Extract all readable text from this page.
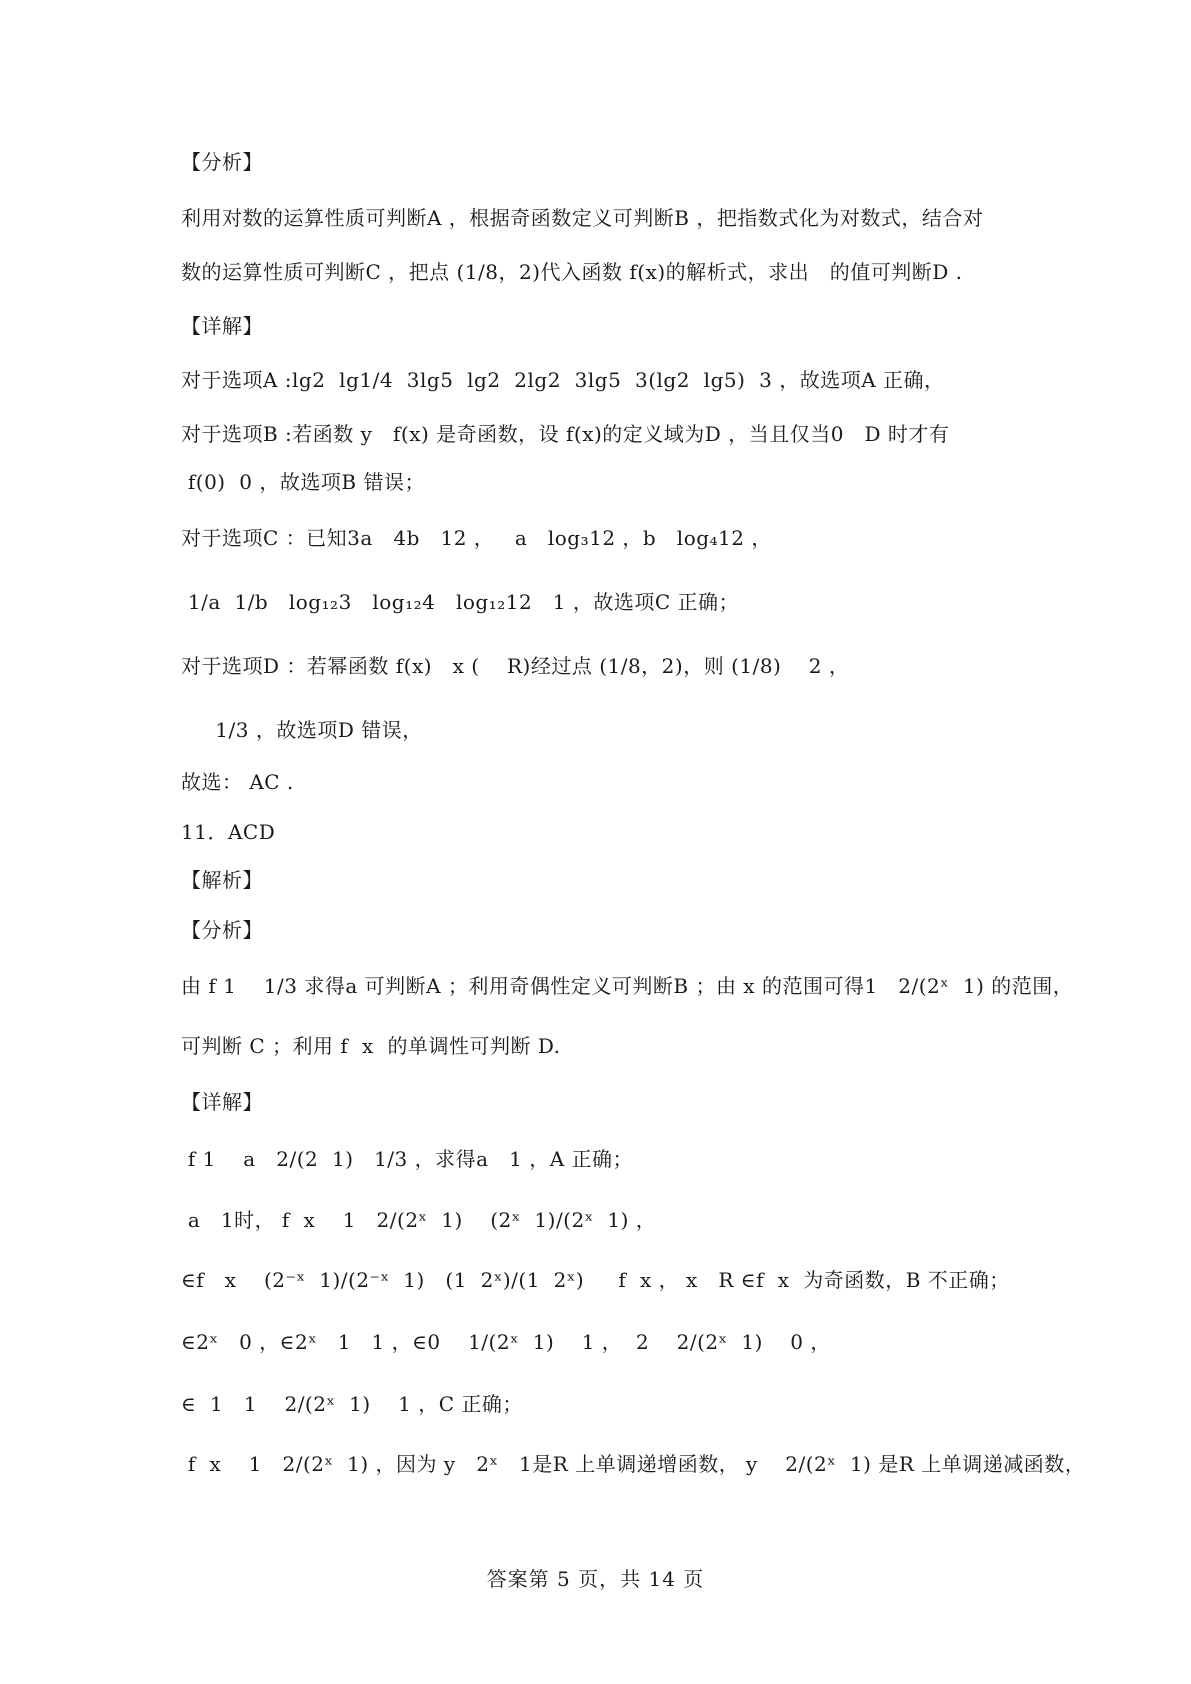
【分析】
利用对数的运算性质可判断A ，根据奇函数定义可判断B ，把指数式化为对数式，结合对
数的运算性质可判断C ，把点 (1/8，2)代入函数 f(x)的解析式，求出   的值可判断D .
【详解】
对于选项A :lg2  lg1/4  3lg5  lg2  2lg2  3lg5  3(lg2  lg5)  3 ，故选项A 正确，
对于选项B :若函数 y   f(x) 是奇函数，设 f(x)的定义域为D ，当且仅当0   D 时才有
f(0)  0 ，故选项B 错误；
对于选项C ：已知3a   4b   12 ，   a   log₃12 ，b   log₄12 ，
1/a  1/b   log₁₂3   log₁₂4   log₁₂12   1 ，故选项C 正确；
对于选项D ：若幂函数 f(x)   x (    R)经过点 (1/8，2)，则 (1/8)    2 ，
1/3 ，故选项D 错误，
故选： AC .
11．ACD
【解析】
【分析】
由 f 1    1/3 求得a 可判断A ；利用奇偶性定义可判断B ；由 x 的范围可得1   2/(2ˣ  1) 的范围，
可判断 C ；利用 f  x  的单调性可判断 D.
【详解】
f 1    a   2/(2  1)   1/3 ，求得a   1 ，A 正确；
a   1时， f  x    1   2/(2ˣ  1)    (2ˣ  1)/(2ˣ  1) ，
∈f   x    (2⁻ˣ  1)/(2⁻ˣ  1)   (1  2ˣ)/(1  2ˣ)     f  x ， x   R ∈f  x  为奇函数，B 不正确；
∈2ˣ   0 ，∈2ˣ   1   1 ，∈0    1/(2ˣ  1)    1 ，  2    2/(2ˣ  1)    0 ，
∈  1   1    2/(2ˣ  1)    1 ，C 正确；
f  x    1   2/(2ˣ  1) ，因为 y   2ˣ   1是R 上单调递增函数， y    2/(2ˣ  1) 是R 上单调递减函数，
答案第 5 页，共 14 页
